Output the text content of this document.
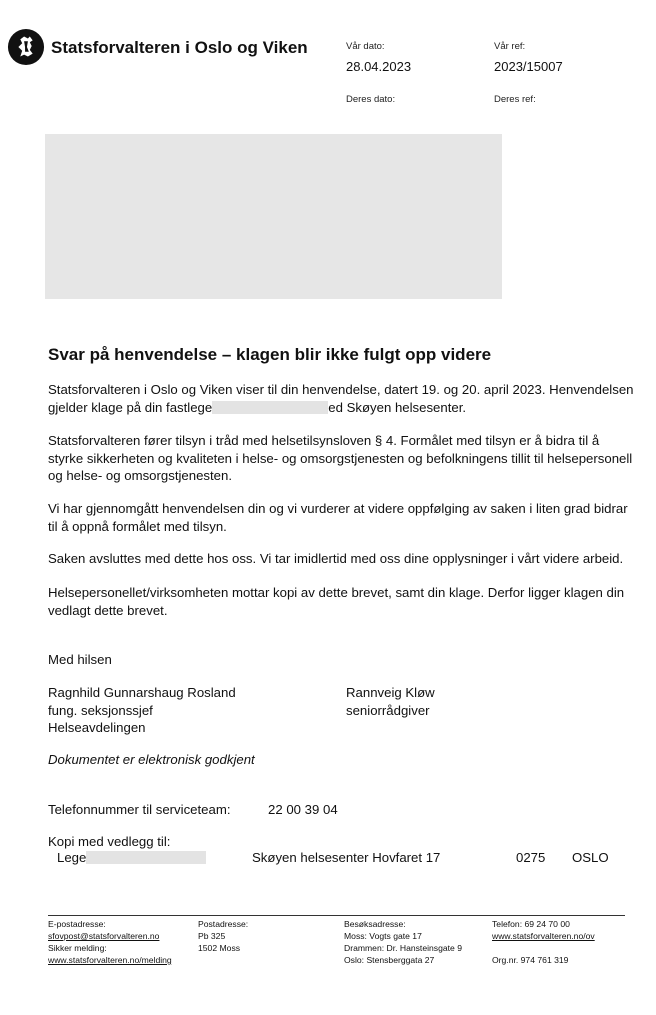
Statsforvalteren i Oslo og Viken	Vår dato:
28.04.2023
Vår ref:
2023/15007
Deres dato:	Deres ref:
Svar på henvendelse – klagen blir ikke fulgt opp videre
Statsforvalteren i Oslo og Viken viser til din henvendelse, datert 19. og 20. april 2023. Henvendelsen
gjelder klage på din fastlege	ed Skøyen helsesenter.
Statsforvalteren fører tilsyn i tråd med helsetilsynsloven § 4. Formålet med tilsyn er å bidra til å
styrke sikkerheten og kvaliteten i helse- og omsorgstjenesten og befolkningens tillit til helsepersonell
og helse- og omsorgstjenesten.
Vi har gjennomgått henvendelsen din og vi vurderer at videre oppfølging av saken i liten grad bidrar
til å oppnå formålet med tilsyn.
Saken avsluttes med dette hos oss. Vi tar imidlertid med oss dine opplysninger i vårt videre arbeid.
Helsepersonellet/virksomheten mottar kopi av dette brevet, samt din klage. Derfor ligger klagen din
vedlagt dette brevet.
Med hilsen
Ragnhild Gunnarshaug Rosland
fung. seksjonssjef
Helseavdelingen
Rannveig Kløw
seniorrådgiver
Dokumentet er elektronisk godkjent
Telefonnummer til serviceteam:	22 00 39 04
Kopi med vedlegg til:
Lege	Skøyen helsesenter Hovfaret 17	0275 OSLO
E-postadresse:
sfovpost@statsforvalteren.no
Sikker melding:
www.statsforvalteren.no/melding
Postadresse:
Pb 325
1502 Moss
Besøksadresse:
Moss: Vogts gate 17
Drammen: Dr. Hansteinsgate 9
Oslo: Stensberggata 27
Telefon: 69 24 70 00
www.statsforvalteren.no/ov

Org.nr. 974 761 319
